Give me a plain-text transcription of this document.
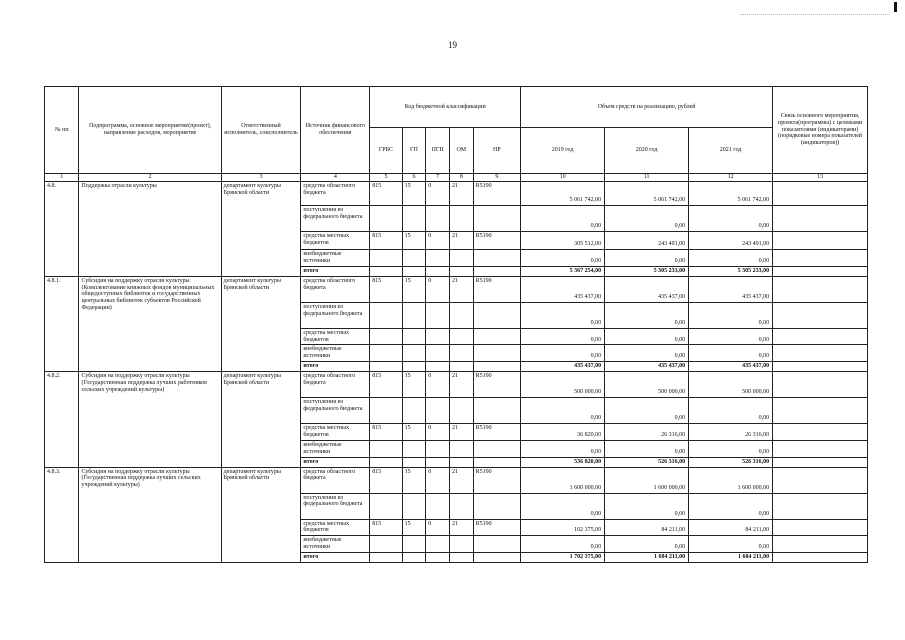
19
№ пп	Подпрограмма, основное мероприятие(проект), направление расходов, мероприятие	Ответственный исполнитель, соисполнитель	Источник финансового обеспечения	Код бюджетной классификации					Объем средств на реализацию, рублей			Связь основного мероприятия, проекта(программы) с целевыми показателями (индикаторами) (порядковые номера показателей (индикаторов))
				ГРБС	ГП	ПГП	ОМ	НР	2019 год	2020 год	2021 год	
1	2	3	4	5	6	7	8	9	10	11	12	13
4.8.	Поддержка отрасли культуры	департамент культуры Брянской области	средства областного бюджета	815	15	0	21	R5190	5 061 742,00	5 061 742,00	5 061 742,00	
			поступления из федерального бюджета						0,00	0,00	0,00	
			средства местных бюджетов	815	15	0	21	R5190	305 512,00	243 491,00	243 491,00	
			внебюджетные источники						0,00	0,00	0,00	
			итого						5 367 254,00	5 305 233,00	5 305 233,00	
4.8.1.	Субсидия на поддержку отрасли культуры (Комплектование книжных фондов муниципальных общедоступных библиотек и государственных центральных библиотек субъектов Российской Федерации)	департамент культуры Брянской области	средства областного бюджета	815	15	0	21	R5190	435 437,00	435 437,00	435 437,00	
			поступления из федерального бюджета						0,00	0,00	0,00	
			средства местных бюджетов						0,00	0,00	0,00	
			внебюджетные источники						0,00	0,00	0,00	
			итого						435 437,00	435 437,00	435 437,00	
4.8.2.	Субсидия на поддержку отрасли культуры (Государственная поддержка лучших работников сельских учреждений культуры)	департамент культуры Брянской области	средства областного бюджета	815	15	0	21	R5190	500 000,00	500 000,00	500 000,00	
			поступления из федерального бюджета						0,00	0,00	0,00	
			средства местных бюджетов	815	15	0	21	R5190	36 820,00	26 316,00	26 316,00	
			внебюджетные источники						0,00	0,00	0,00	
			итого						536 820,00	526 316,00	526 316,00	
4.8.3.	Субсидия на поддержку отрасли культуры (Государственная поддержка лучших сельских учреждений культуры)	департамент культуры Брянской области	средства областного бюджета	815	15	0	21	R5190	1 600 000,00	1 600 000,00	1 600 000,00	
			поступления из федерального бюджета						0,00	0,00	0,00	
			средства местных бюджетов	815	15	0	21	R5190	102 375,00	84 211,00	84 211,00	
			внебюджетные источники						0,00	0,00	0,00	
			итого						1 702 375,00	1 684 211,00	1 684 211,00	
